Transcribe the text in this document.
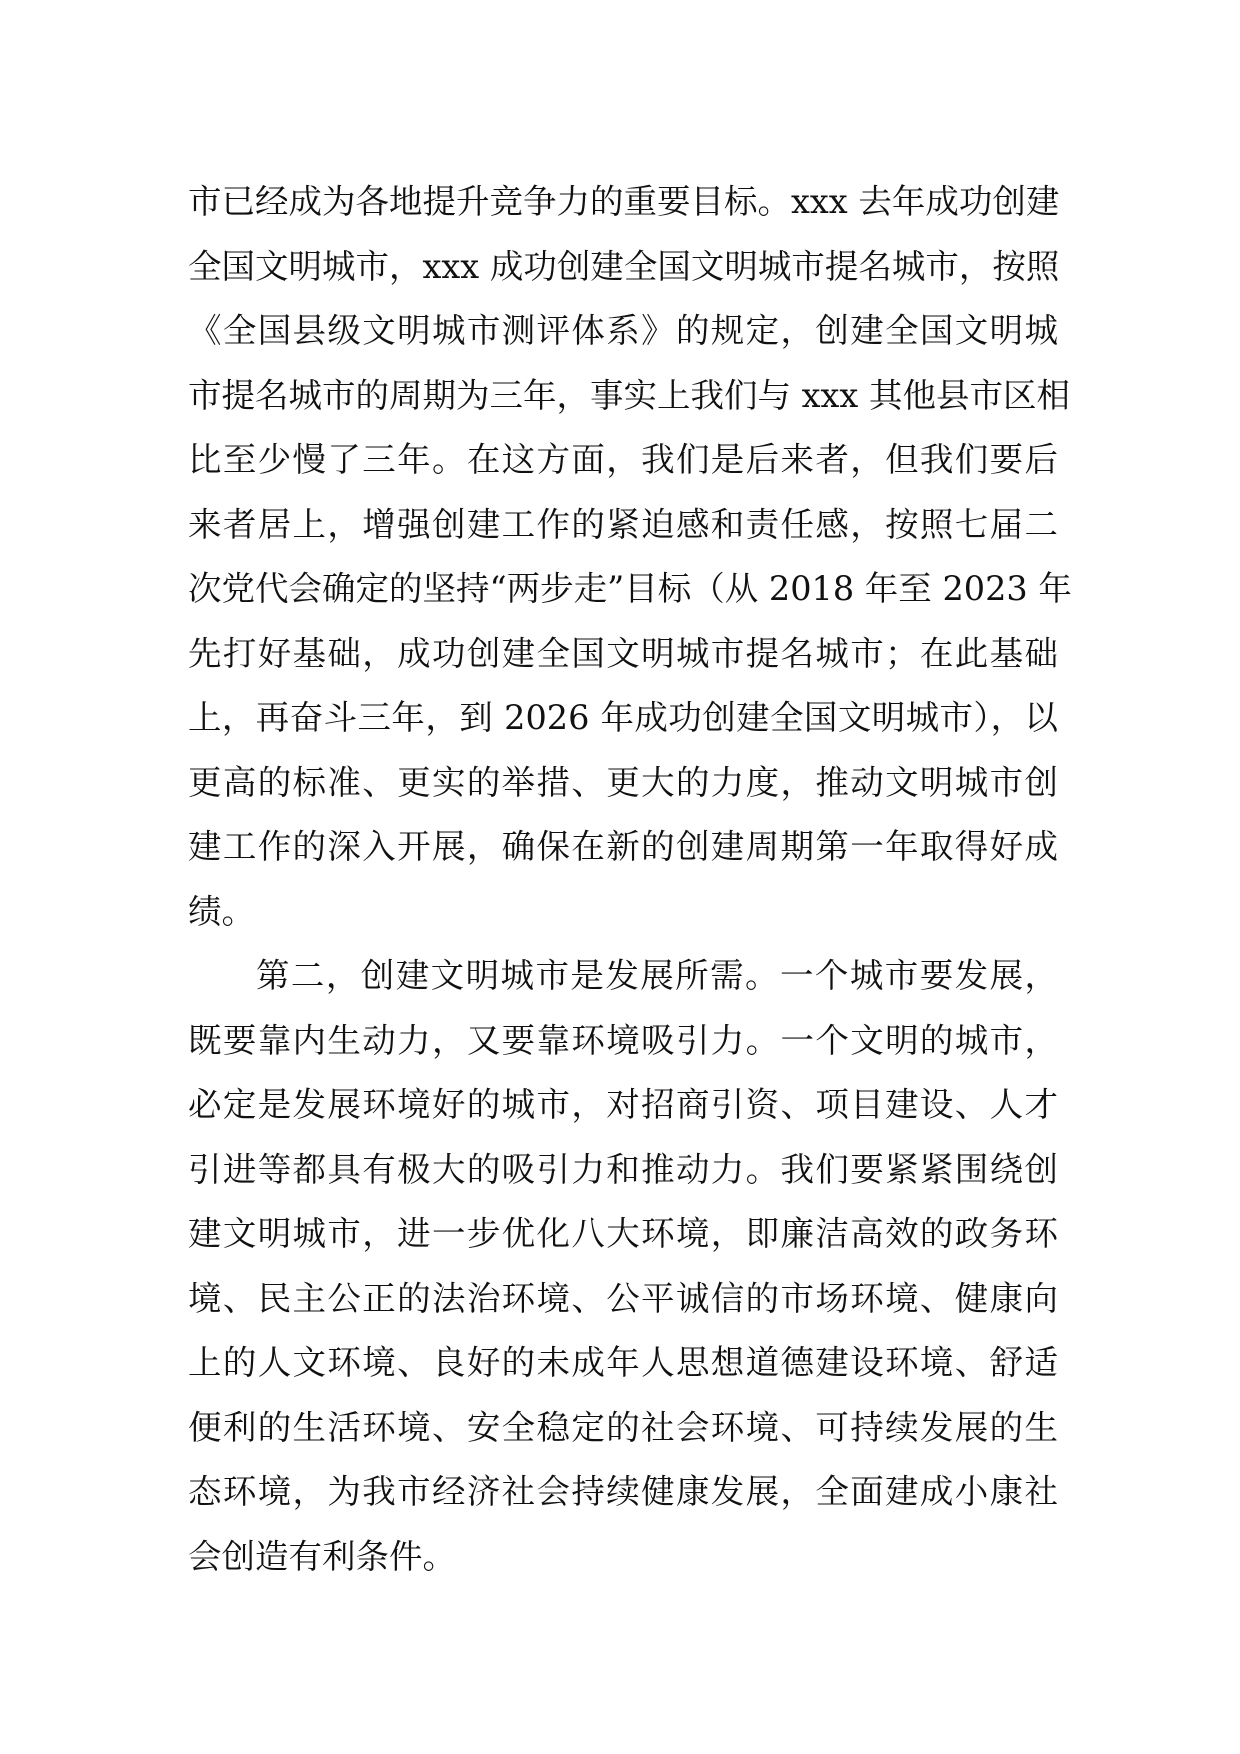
市已经成为各地提升竞争力的重要目标。xxx 去年成功创建
全国文明城市，xxx 成功创建全国文明城市提名城市，按照
《全国县级文明城市测评体系》的规定，创建全国文明城
市提名城市的周期为三年，事实上我们与 xxx 其他县市区相
比至少慢了三年。在这方面，我们是后来者，但我们要后
来者居上，增强创建工作的紧迫感和责任感，按照七届二
次党代会确定的坚持“两步走”目标（从 2018 年至 2023 年
先打好基础，成功创建全国文明城市提名城市；在此基础
上，再奋斗三年，到 2026 年成功创建全国文明城市），以
更高的标准、更实的举措、更大的力度，推动文明城市创
建工作的深入开展，确保在新的创建周期第一年取得好成
绩。
第二，创建文明城市是发展所需。一个城市要发展，
既要靠内生动力，又要靠环境吸引力。一个文明的城市，
必定是发展环境好的城市，对招商引资、项目建设、人才
引进等都具有极大的吸引力和推动力。我们要紧紧围绕创
建文明城市，进一步优化八大环境，即廉洁高效的政务环
境、民主公正的法治环境、公平诚信的市场环境、健康向
上的人文环境、良好的未成年人思想道德建设环境、舒适
便利的生活环境、安全稳定的社会环境、可持续发展的生
态环境，为我市经济社会持续健康发展，全面建成小康社
会创造有利条件。
